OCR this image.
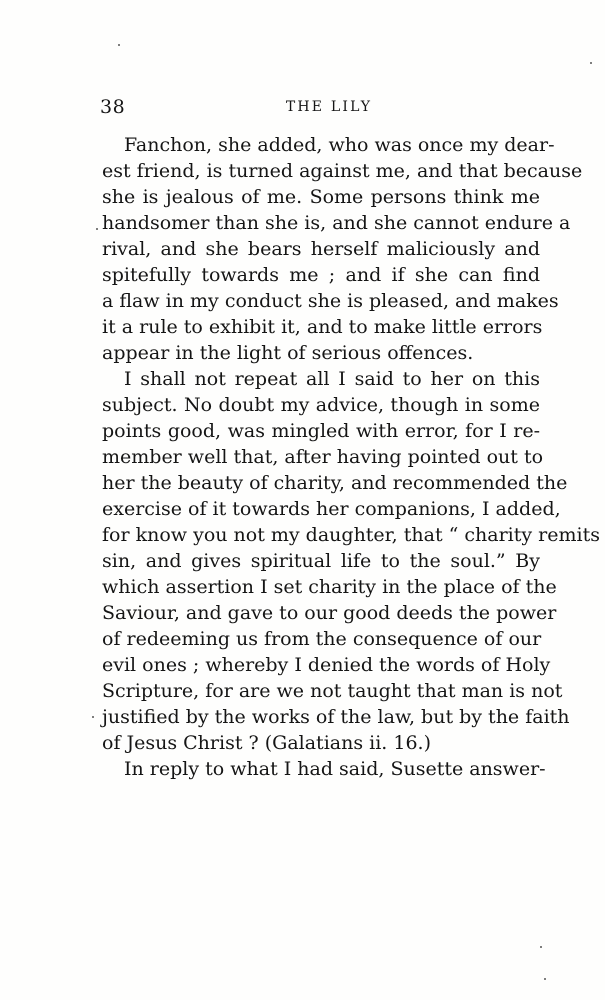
38	THE LILY
Fanchon, she added, who was once my dear-
est friend, is turned against me, and that because
she is jealous of me. Some persons think me
handsomer than she is, and she cannot endure a
rival, and she bears herself maliciously and
spitefully towards me ; and if she can find
a flaw in my conduct she is pleased, and makes
it a rule to exhibit it, and to make little errors
appear in the light of serious offences.
I shall not repeat all I said to her on this
subject. No doubt my advice, though in some
points good, was mingled with error, for I re-
member well that, after having pointed out to
her the beauty of charity, and recommended the
exercise of it towards her companions, I added,
for know you not my daughter, that “ charity remits
sin, and gives spiritual life to the soul.” By
which assertion I set charity in the place of the
Saviour, and gave to our good deeds the power
of redeeming us from the consequence of our
evil ones ; whereby I denied the words of Holy
Scripture, for are we not taught that man is not
justified by the works of the law, but by the faith
of Jesus Christ ? (Galatians ii. 16.)
In reply to what I had said, Susette answer-
